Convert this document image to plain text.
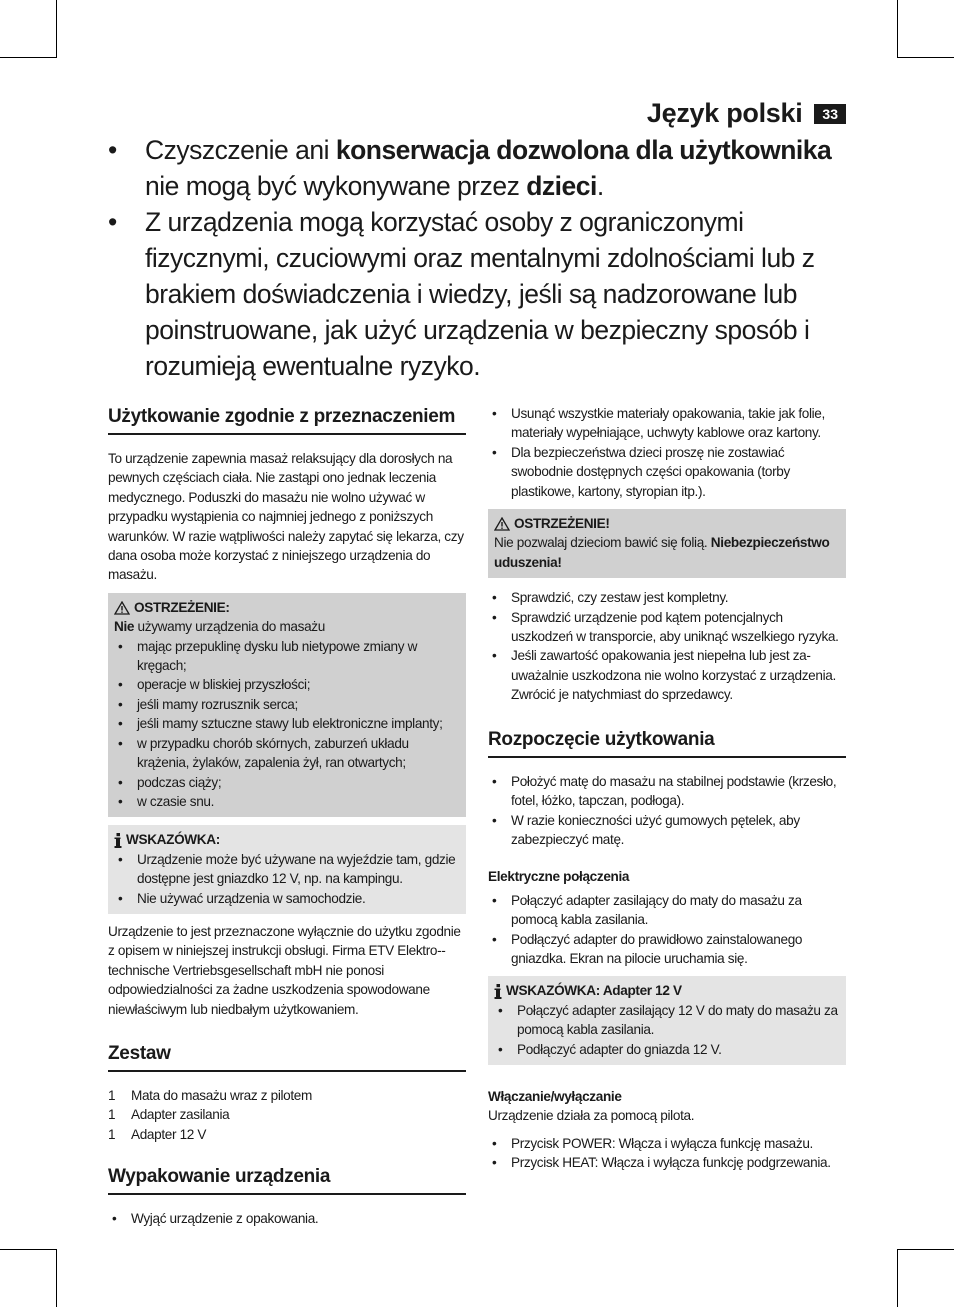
Język polski	33
• Czyszczenie ani konserwacja dozwolona dla użytkownika nie mogą być wykonywane przez dzieci.
• Z urządzenia mogą korzystać osoby z ograniczonymi fizycznymi, czuciowymi oraz mentalnymi zdolnościami lub z brakiem doświadczenia i wiedzy, jeśli są nadzorowane lub poinstruowane, jak użyć urządzenia w bezpieczny sposób i rozumieją ewentualne ryzyko.
Użytkowanie zgodnie z przeznaczeniem

To urządzenie zapewnia masaż relaksujący dla dorosłych na pewnych częściach ciała. Nie zastąpi ono jednak leczenia medycznego. Poduszki do masażu nie wolno używać w przypadku wystąpienia co najmniej jednego z poniższych warunków. W razie wątpliwości należy zapytać się lekarza, czy dana osoba może korzystać z niniejszego urządzenia do masażu.

OSTRZEŻENIE:
Nie używamy urządzenia do masażu
• mając przepuklinę dysku lub nietypowe zmiany w kręgach;
• operacje w bliskiej przyszłości;
• jeśli mamy rozrusznik serca;
• jeśli mamy sztuczne stawy lub elektroniczne implanty;
• w przypadku chorób skórnych, zaburzeń układu krążenia, żylaków, zapalenia żył, ran otwartych;
• podczas ciąży;
• w czasie snu.
WSKAZÓWKA:
• Urządzenie może być używane na wyjeździe tam, gdzie dostępne jest gniazdko 12 V, np. na kampingu.
• Nie używać urządzenia w samochodzie.

Urządzenie to jest przeznaczone wyłącznie do użytku zgodnie z opisem w niniejszej instrukcji obsługi. Firma ETV Elektro--technische Vertriebsgesellschaft mbH nie ponosi odpowiedzialności za żadne uszkodzenia spowodowane niewłaściwym lub niedbałym użytkowaniem.

Zestaw
1	Mata do masażu wraz z pilotem
1	Adapter zasilania
1	Adapter 12 V
Wypakowanie urządzenia
• Wyjąć urządzenie z opakowania.
• Usunąć wszystkie materiały opakowania, takie jak folie, materiały wypełniające, uchwyty kablowe oraz kartony.
• Dla bezpieczeństwa dzieci proszę nie zostawiać swobodnie dostępnych części opakowania (torby plastikowe, kartony, styropian itp.).
OSTRZEŻENIE!
Nie pozwalaj dzieciom bawić się folią. Niebezpieczeństwo uduszenia!
• Sprawdzić, czy zestaw jest kompletny.
• Sprawdzić urządzenie pod kątem potencjalnych uszkodzeń w transporcie, aby uniknąć wszelkiego ryzyka.
• Jeśli zawartość opakowania jest niepełna lub jest za-uważalnie uszkodzona nie wolno korzystać z urządzenia. Zwrócić je natychmiast do sprzedawcy.
Rozpoczęcie użytkowania
• Położyć matę do masażu na stabilnej podstawie (krzesło, fotel, łóżko, tapczan, podłoga).
• W razie konieczności użyć gumowych pętelek, aby zabezpieczyć matę.
Elektryczne połączenia
• Połączyć adapter zasilający do maty do masażu za pomocą kabla zasilania.
• Podłączyć adapter do prawidłowo zainstalowanego gniazdka. Ekran na pilocie uruchamia się.
WSKAZÓWKA: Adapter 12 V
• Połączyć adapter zasilający 12 V do maty do masażu za pomocą kabla zasilania.
• Podłączyć adapter do gniazda 12 V.
Włączanie/wyłączanie

Urządzenie działa za pomocą pilota.

• Przycisk POWER: Włącza i wyłącza funkcję masażu.
• Przycisk HEAT: Włącza i wyłącza funkcję podgrzewania.
